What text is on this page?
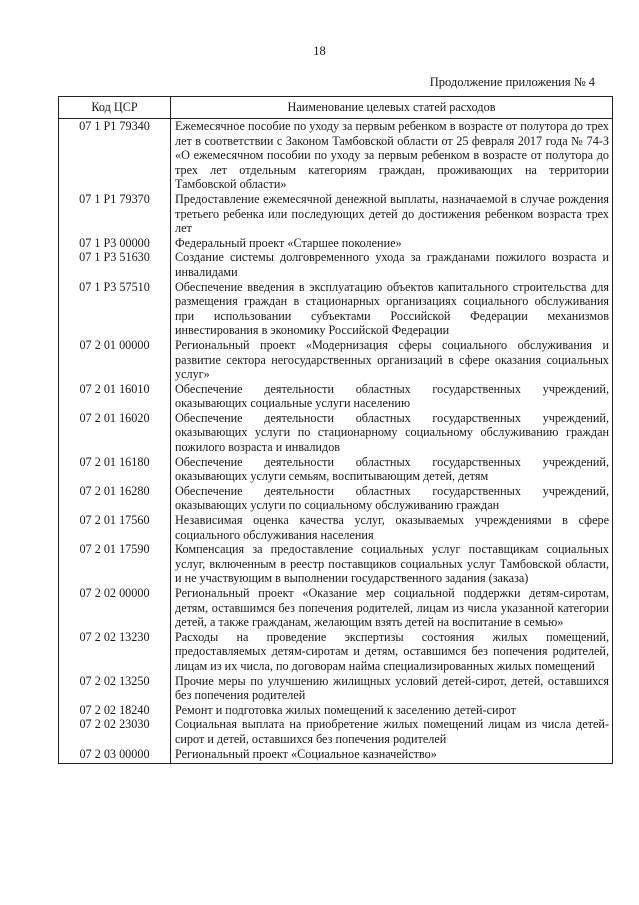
18
Продолжение приложения № 4
Код ЦСР	Наименование целевых статей расходов
07 1 P1 79340	Ежемесячное пособие по уходу за первым ребенком в возрасте от полутора до трех лет в соответствии с Законом Тамбовской области от 25 февраля 2017 года № 74-З «О ежемесячном пособии по уходу за первым ребенком в возрасте от полутора до трех лет отдельным категориям граждан, проживающих на территории Тамбовской области»
07 1 P1 79370	Предоставление ежемесячной денежной выплаты, назначаемой в случае рождения третьего ребенка или последующих детей до достижения ребенком возраста трех лет
07 1 P3 00000	Федеральный проект «Старшее поколение»
07 1 P3 51630	Создание системы долговременного ухода за гражданами пожилого возраста и инвалидами
07 1 P3 57510	Обеспечение введения в эксплуатацию объектов капитального строительства для размещения граждан в стационарных организациях социального обслуживания при использовании субъектами Российской Федерации механизмов инвестирования в экономику Российской Федерации
07 2 01 00000	Региональный проект «Модернизация сферы социального обслуживания и развитие сектора негосударственных организаций в сфере оказания социальных услуг»
07 2 01 16010	Обеспечение деятельности областных государственных учреждений, оказывающих социальные услуги населению
07 2 01 16020	Обеспечение деятельности областных государственных учреждений, оказывающих услуги по стационарному социальному обслуживанию граждан пожилого возраста и инвалидов
07 2 01 16180	Обеспечение деятельности областных государственных учреждений, оказывающих услуги семьям, воспитывающим детей, детям
07 2 01 16280	Обеспечение деятельности областных государственных учреждений, оказывающих услуги по социальному обслуживанию граждан
07 2 01 17560	Независимая оценка качества услуг, оказываемых учреждениями в сфере социального обслуживания населения
07 2 01 17590	Компенсация за предоставление социальных услуг поставщикам социальных услуг, включенным в реестр поставщиков социальных услуг Тамбовской области, и не участвующим в выполнении государственного задания (заказа)
07 2 02 00000	Региональный проект «Оказание мер социальной поддержки детям-сиротам, детям, оставшимся без попечения родителей, лицам из числа указанной категории детей, а также гражданам, желающим взять детей на воспитание в семью»
07 2 02 13230	Расходы на проведение экспертизы состояния жилых помещений, предоставляемых детям-сиротам и детям, оставшимся без попечения родителей, лицам из их числа, по договорам найма специализированных жилых помещений
07 2 02 13250	Прочие меры по улучшению жилищных условий детей-сирот, детей, оставшихся без попечения родителей
07 2 02 18240	Ремонт и подготовка жилых помещений к заселению детей-сирот
07 2 02 23030	Социальная выплата на приобретение жилых помещений лицам из числа детей-сирот и детей, оставшихся без попечения родителей
07 2 03 00000	Региональный проект «Социальное казначейство»
